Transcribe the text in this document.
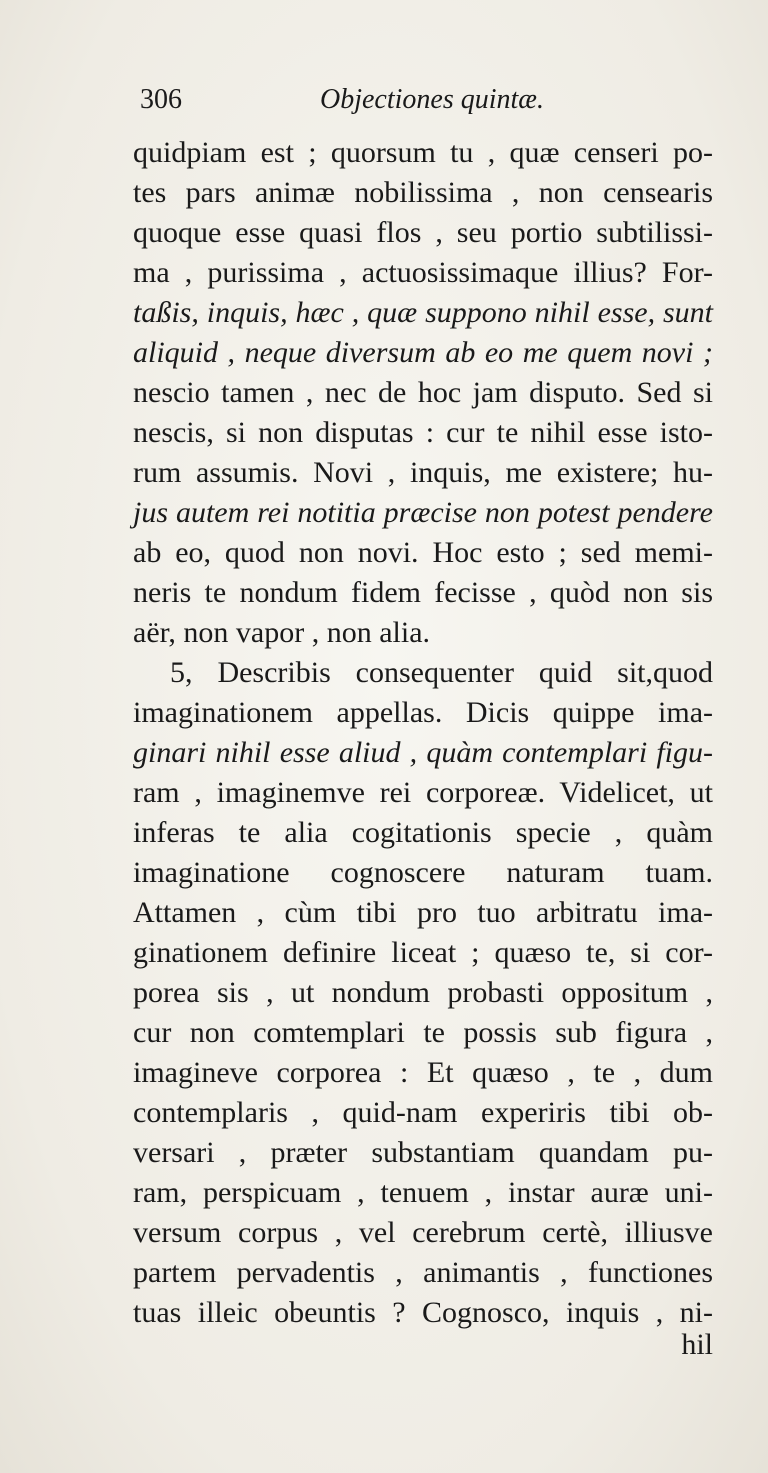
306	Objectiones quintæ.
quidpiam est ; quorsum tu , quæ censeri po-
tes pars animæ nobilissima , non censearis
quoque esse quasi flos , seu portio subtilissi-
ma , purissima , actuosissimaque illius? For-
taßis, inquis, hæc , quæ suppono nihil esse, sunt
aliquid , neque diversum ab eo me quem novi ;
nescio tamen , nec de hoc jam disputo. Sed si
nescis, si non disputas : cur te nihil esse isto-
rum assumis. Novi , inquis, me existere; hu-
jus autem rei notitia præcise non potest pendere
ab eo, quod non novi. Hoc esto ; sed memi-
neris te nondum fidem fecisse , quòd non sis
aër, non vapor , non alia.
5, Describis consequenter quid sit,quod
imaginationem appellas. Dicis quippe ima-
ginari nihil esse aliud , quàm contemplari figu-
ram , imaginemve rei corporeæ. Videlicet, ut
inferas te alia cogitationis specie , quàm
imaginatione cognoscere naturam tuam.
Attamen , cùm tibi pro tuo arbitratu ima-
ginationem definire liceat ; quæso te, si cor-
porea sis , ut nondum probasti oppositum ,
cur non comtemplari te possis sub figura ,
imagineve corporea : Et quæso , te , dum
contemplaris , quid-nam experiris tibi ob-
versari , præter substantiam quandam pu-
ram, perspicuam , tenuem , instar auræ uni-
versum corpus , vel cerebrum certè, illiusve
partem pervadentis , animantis , functiones
tuas illeic obeuntis ? Cognosco, inquis , ni-
hil
